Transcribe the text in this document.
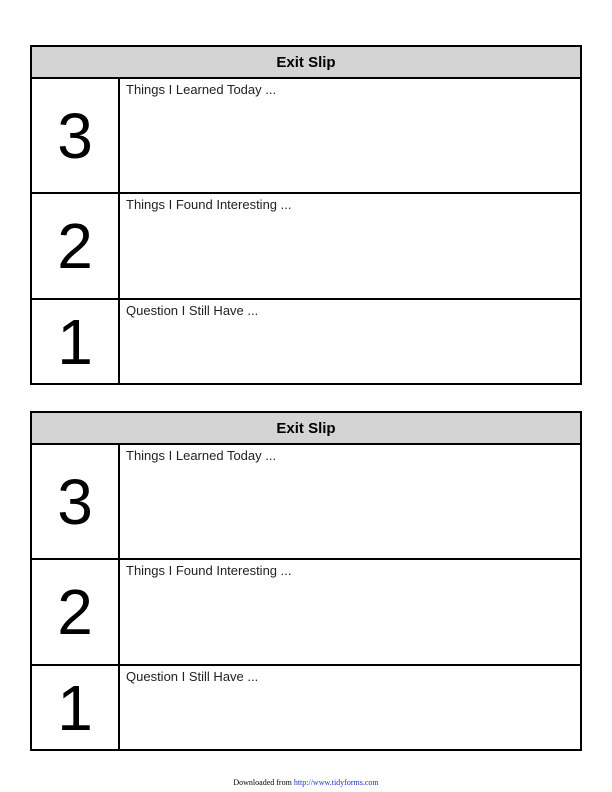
Exit Slip
3
Things I Learned Today ...
2
Things I Found Interesting ...
1	Question I Still Have ...
Exit Slip
3
Things I Learned Today ...
2
Things I Found Interesting ...
1	Question I Still Have ...
Downloaded from http://www.tidyforms.com
